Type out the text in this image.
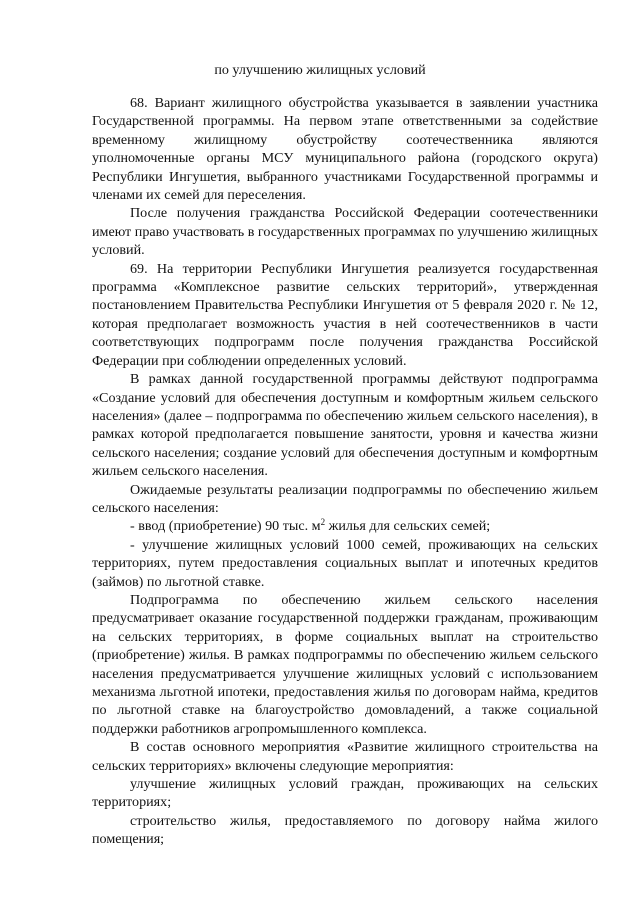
по улучшению жилищных условий

68. Вариант жилищного обустройства указывается в заявлении участника Государственной программы. На первом этапе ответственными за содействие временному жилищному обустройству соотечественника являются уполномоченные органы МСУ муниципального района (городского округа) Республики Ингушетия, выбранного участниками Государственной программы и членами их семей для переселения.

После получения гражданства Российской Федерации соотечественники имеют право участвовать в государственных программах по улучшению жилищных условий.

69. На территории Республики Ингушетия реализуется государственная программа «Комплексное развитие сельских территорий», утвержденная постановлением Правительства Республики Ингушетия от 5 февраля 2020 г. № 12, которая предполагает возможность участия в ней соотечественников в части соответствующих подпрограмм после получения гражданства Российской Федерации при соблюдении определенных условий.

В рамках данной государственной программы действуют подпрограмма «Создание условий для обеспечения доступным и комфортным жильем сельского населения» (далее – подпрограмма по обеспечению жильем сельского населения), в рамках которой предполагается повышение занятости, уровня и качества жизни сельского населения; создание условий для обеспечения доступным и комфортным жильем сельского населения.

Ожидаемые результаты реализации подпрограммы по обеспечению жильем сельского населения:

- ввод (приобретение) 90 тыс. $м^2$ жилья для сельских семей;

- улучшение жилищных условий 1000 семей, проживающих на сельских территориях, путем предоставления социальных выплат и ипотечных кредитов (займов) по льготной ставке.

Подпрограмма по обеспечению жильем сельского населения предусматривает оказание государственной поддержки гражданам, проживающим на сельских территориях, в форме социальных выплат на строительство (приобретение) жилья. В рамках подпрограммы по обеспечению жильем сельского населения предусматривается улучшение жилищных условий с использованием механизма льготной ипотеки, предоставления жилья по договорам найма, кредитов по льготной ставке на благоустройство домовладений, а также социальной поддержки работников агропромышленного комплекса.

В состав основного мероприятия «Развитие жилищного строительства на сельских территориях» включены следующие мероприятия:

улучшение жилищных условий граждан, проживающих на сельских территориях;

строительство жилья, предоставляемого по договору найма жилого помещения;
